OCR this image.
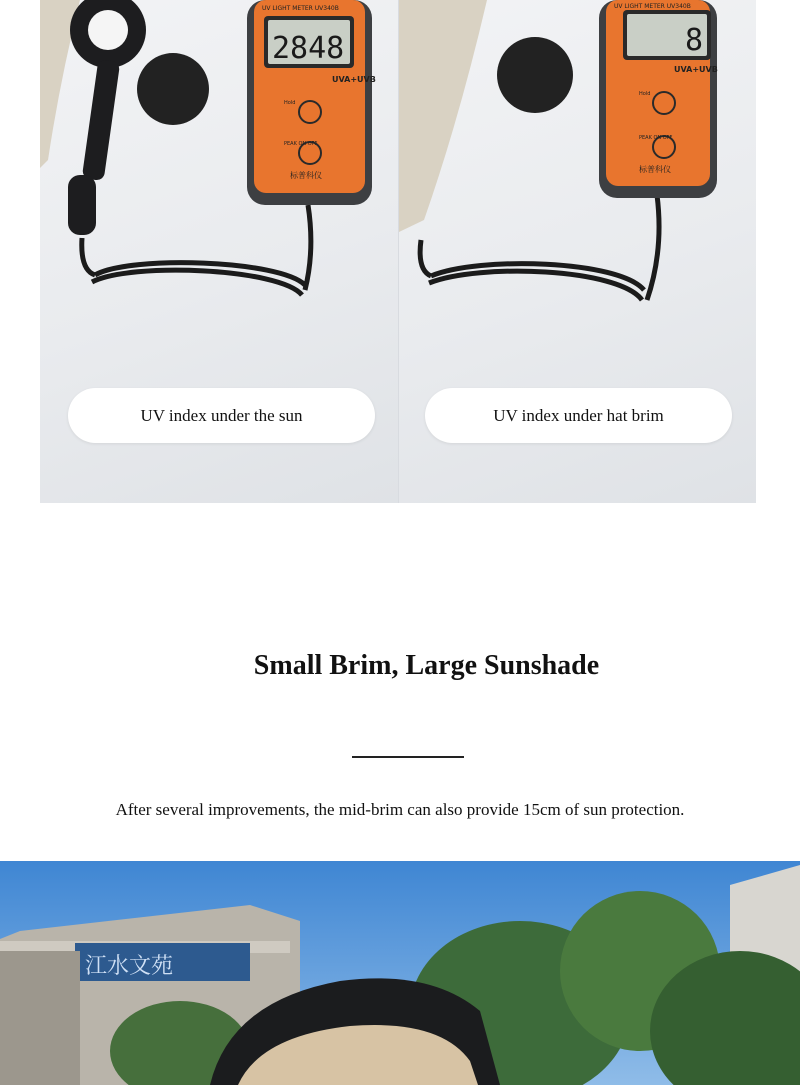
UV LIGHT METER UV340B
2848
UVA+UVB
Hold
PEAK ON OFF
标普科仪
UV index under the sun
UV LIGHT METER UV340B
8
UVA+UVB
Hold
PEAK ON OFF
标普科仪
UV index under hat brim
Small Brim, Large Sunshade
After several improvements, the mid-brim can also provide 15cm of sun protection.
江水文苑
